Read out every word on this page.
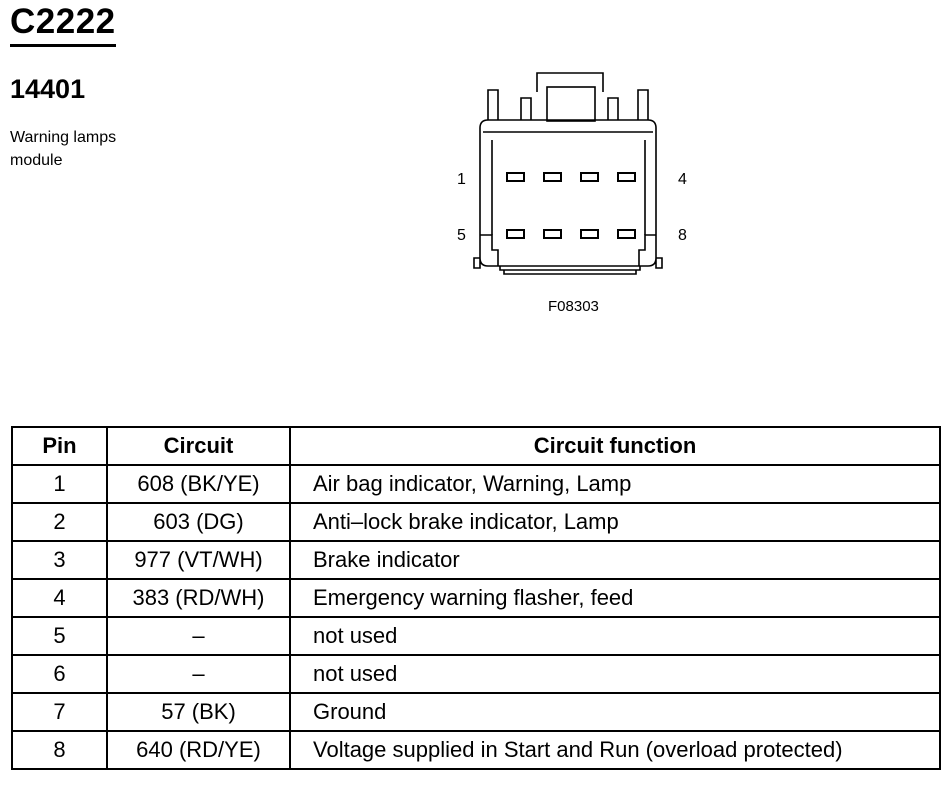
C2222
14401
Warning lamps
module
1	4
5	8
F08303
Pin	Circuit	Circuit function
1	608 (BK/YE)	Air bag indicator, Warning, Lamp
2	603 (DG)	Anti–lock brake indicator, Lamp
3	977 (VT/WH)	Brake indicator
4	383 (RD/WH)	Emergency warning flasher, feed
5	–	not used
6	–	not used
7	57 (BK)	Ground
8	640 (RD/YE)	Voltage supplied in Start and Run (overload protected)
